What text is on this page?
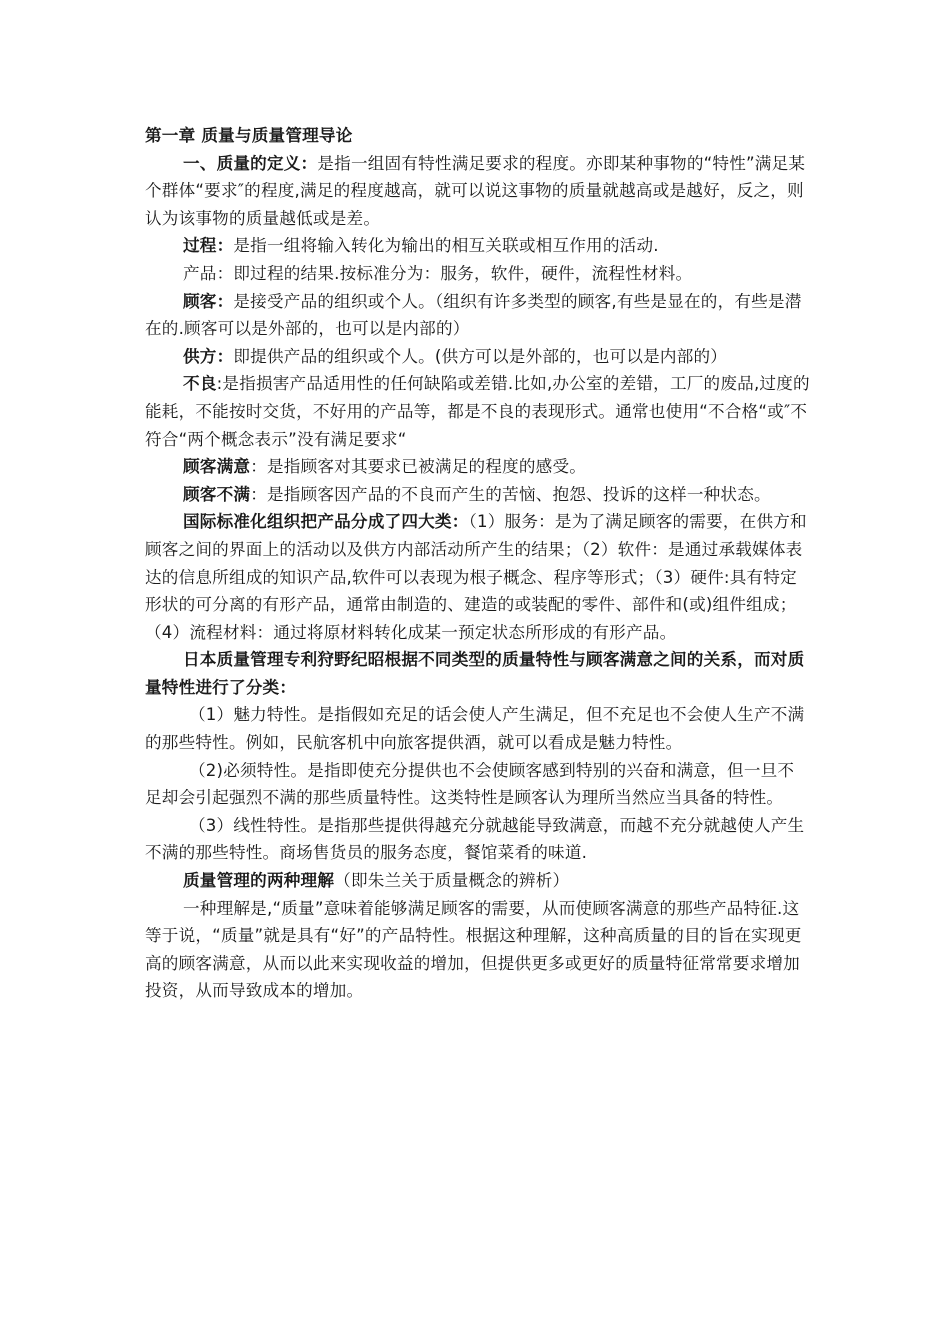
第一章 质量与质量管理导论

一、质量的定义：是指一组固有特性满足要求的程度。亦即某种事物的“特性”满足某个群体“要求″的程度,满足的程度越高，就可以说这事物的质量就越高或是越好，反之，则认为该事物的质量越低或是差。

过程：是指一组将输入转化为输出的相互关联或相互作用的活动.

产品：即过程的结果.按标准分为：服务，软件，硬件，流程性材料。

顾客：是接受产品的组织或个人。（组织有许多类型的顾客,有些是显在的，有些是潜在的.顾客可以是外部的，也可以是内部的）

供方：即提供产品的组织或个人。(供方可以是外部的，也可以是内部的）

不良:是指损害产品适用性的任何缺陷或差错.比如,办公室的差错，工厂的废品,过度的能耗，不能按时交货，不好用的产品等，都是不良的表现形式。通常也使用“不合格“或″不符合“两个概念表示”没有满足要求“

顾客满意：是指顾客对其要求已被满足的程度的感受。

顾客不满：是指顾客因产品的不良而产生的苦恼、抱怨、投诉的这样一种状态。

国际标准化组织把产品分成了四大类：（1）服务：是为了满足顾客的需要，在供方和顾客之间的界面上的活动以及供方内部活动所产生的结果；（2）软件：是通过承载媒体表达的信息所组成的知识产品,软件可以表现为根子概念、程序等形式；（3）硬件:具有特定形状的可分离的有形产品，通常由制造的、建造的或装配的零件、部件和(或)组件组成；（4）流程材料：通过将原材料转化成某一预定状态所形成的有形产品。

日本质量管理专利狩野纪昭根据不同类型的质量特性与顾客满意之间的关系，而对质量特性进行了分类：

（1）魅力特性。是指假如充足的话会使人产生满足，但不充足也不会使人生产不满的那些特性。例如，民航客机中向旅客提供酒，就可以看成是魅力特性。

（2)必须特性。是指即使充分提供也不会使顾客感到特别的兴奋和满意，但一旦不足却会引起强烈不满的那些质量特性。这类特性是顾客认为理所当然应当具备的特性。

（3）线性特性。是指那些提供得越充分就越能导致满意，而越不充分就越使人产生不满的那些特性。商场售货员的服务态度，餐馆菜肴的味道.

质量管理的两种理解（即朱兰关于质量概念的辨析）

一种理解是,“质量”意味着能够满足顾客的需要，从而使顾客满意的那些产品特征.这等于说，“质量”就是具有“好”的产品特性。根据这种理解，这种高质量的目的旨在实现更高的顾客满意，从而以此来实现收益的增加，但提供更多或更好的质量特征常常要求增加投资，从而导致成本的增加。
